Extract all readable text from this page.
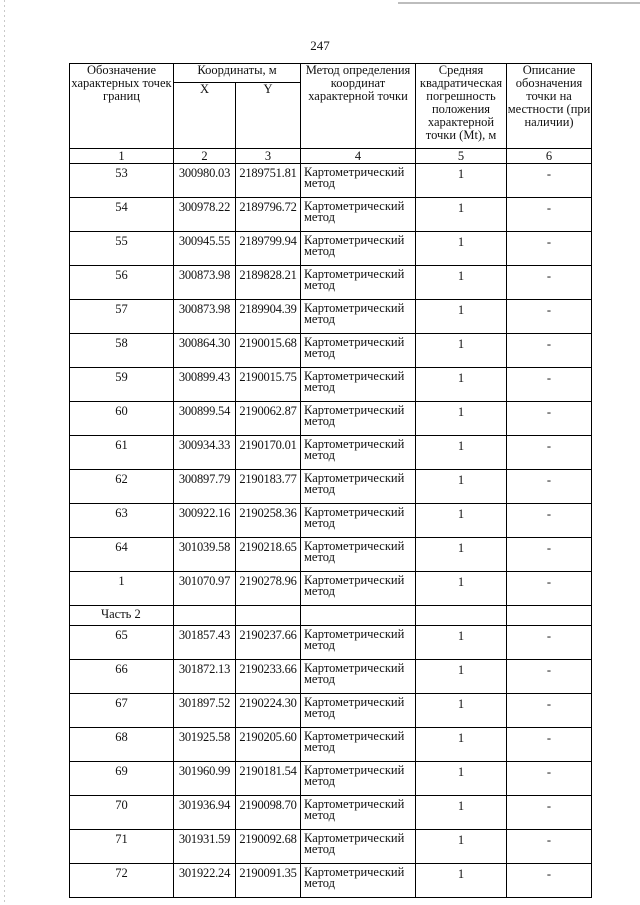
247
Обозначение характерных точек границ	Координаты, м		Метод определения координат характерной точки	Средняя квадратическая погрешность положения характерной точки (Mt), м	Описание обозначения точки на местности (при наличии)
	X	Y			
1	2	3	4	5	6
53	300980.03	2189751.81	Картометрический метод	1	-
54	300978.22	2189796.72	Картометрический метод	1	-
55	300945.55	2189799.94	Картометрический метод	1	-
56	300873.98	2189828.21	Картометрический метод	1	-
57	300873.98	2189904.39	Картометрический метод	1	-
58	300864.30	2190015.68	Картометрический метод	1	-
59	300899.43	2190015.75	Картометрический метод	1	-
60	300899.54	2190062.87	Картометрический метод	1	-
61	300934.33	2190170.01	Картометрический метод	1	-
62	300897.79	2190183.77	Картометрический метод	1	-
63	300922.16	2190258.36	Картометрический метод	1	-
64	301039.58	2190218.65	Картометрический метод	1	-
1	301070.97	2190278.96	Картометрический метод	1	-
Часть 2					
65	301857.43	2190237.66	Картометрический метод	1	-
66	301872.13	2190233.66	Картометрический метод	1	-
67	301897.52	2190224.30	Картометрический метод	1	-
68	301925.58	2190205.60	Картометрический метод	1	-
69	301960.99	2190181.54	Картометрический метод	1	-
70	301936.94	2190098.70	Картометрический метод	1	-
71	301931.59	2190092.68	Картометрический метод	1	-
72	301922.24	2190091.35	Картометрический метод	1	-
